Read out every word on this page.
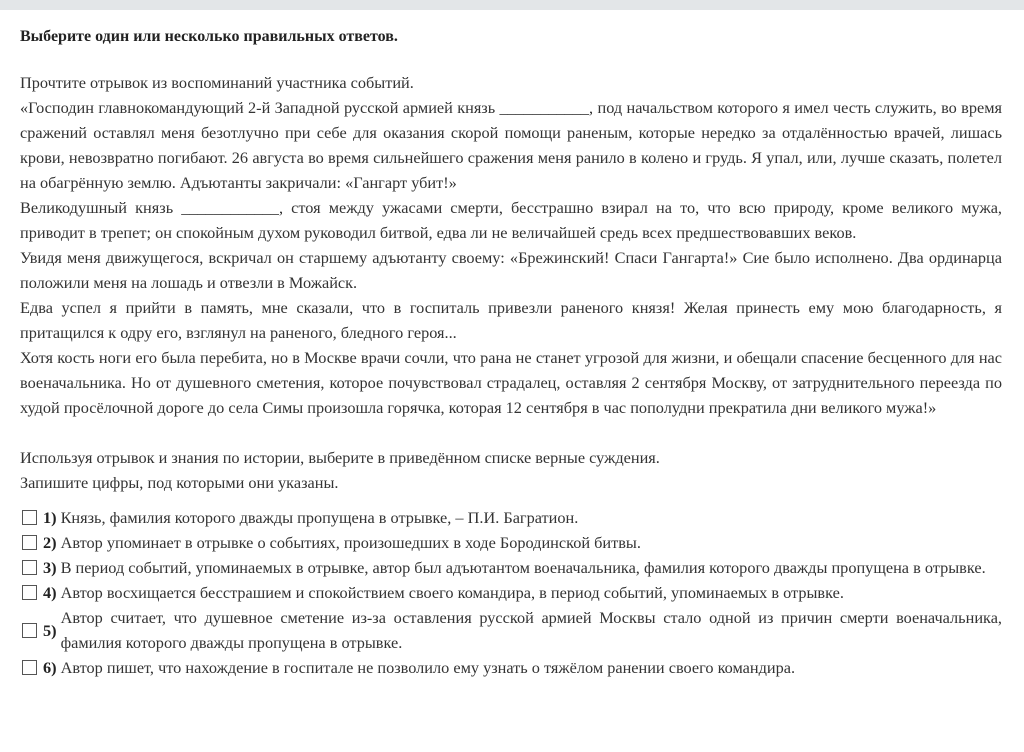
Выберите один или несколько правильных ответов.

Прочтите отрывок из воспоминаний участника событий.

«Господин главнокомандующий 2-й Западной русской армией князь ___________, под начальством которого я имел честь служить, во время сражений оставлял меня безотлучно при себе для оказания скорой помощи раненым, которые нередко за отдалённостью врачей, лишась крови, невозвратно погибают. 26 августа во время сильнейшего сражения меня ранило в колено и грудь. Я упал, или, лучше сказать, полетел на обагрённую землю. Адъютанты закричали: «Гангарт убит!»

Великодушный князь ____________, стоя между ужасами смерти, бесстрашно взирал на то, что всю природу, кроме великого мужа, приводит в трепет; он спокойным духом руководил битвой, едва ли не величайшей средь всех предшествовавших веков.

Увидя меня движущегося, вскричал он старшему адъютанту своему: «Брежинский! Спаси Гангарта!» Сие было исполнено. Два ординарца положили меня на лошадь и отвезли в Можайск.

Едва успел я прийти в память, мне сказали, что в госпиталь привезли раненого князя! Желая принесть ему мою благодарность, я притащился к одру его, взглянул на раненого, бледного героя...

Хотя кость ноги его была перебита, но в Москве врачи сочли, что рана не станет угрозой для жизни, и обещали спасение бесценного для нас военачальника. Но от душевного сметения, которое почувствовал страдалец, оставляя 2 сентября Москву, от затруднительного переезда по худой просёлочной дороге до села Симы произошла горячка, которая 12 сентября в час пополудни прекратила дни великого мужа!»

Используя отрывок и знания по истории, выберите в приведённом списке верные суждения.

Запишите цифры, под которыми они указаны.

1) Князь, фамилия которого дважды пропущена в отрывке, – П.И. Багратион.
2) Автор упоминает в отрывке о событиях, произошедших в ходе Бородинской битвы.
3) В период событий, упоминаемых в отрывке, автор был адъютантом военачальника, фамилия которого дважды пропущена в отрывке.
4) Автор восхищается бесстрашием и спокойствием своего командира, в период событий, упоминаемых в отрывке.
5)
Автор считает, что душевное сметение из-за оставления русской армией Москвы стало одной из причин смерти военачальника, фамилия которого дважды пропущена в отрывке.
6) Автор пишет, что нахождение в госпитале не позволило ему узнать о тяжёлом ранении своего командира.
